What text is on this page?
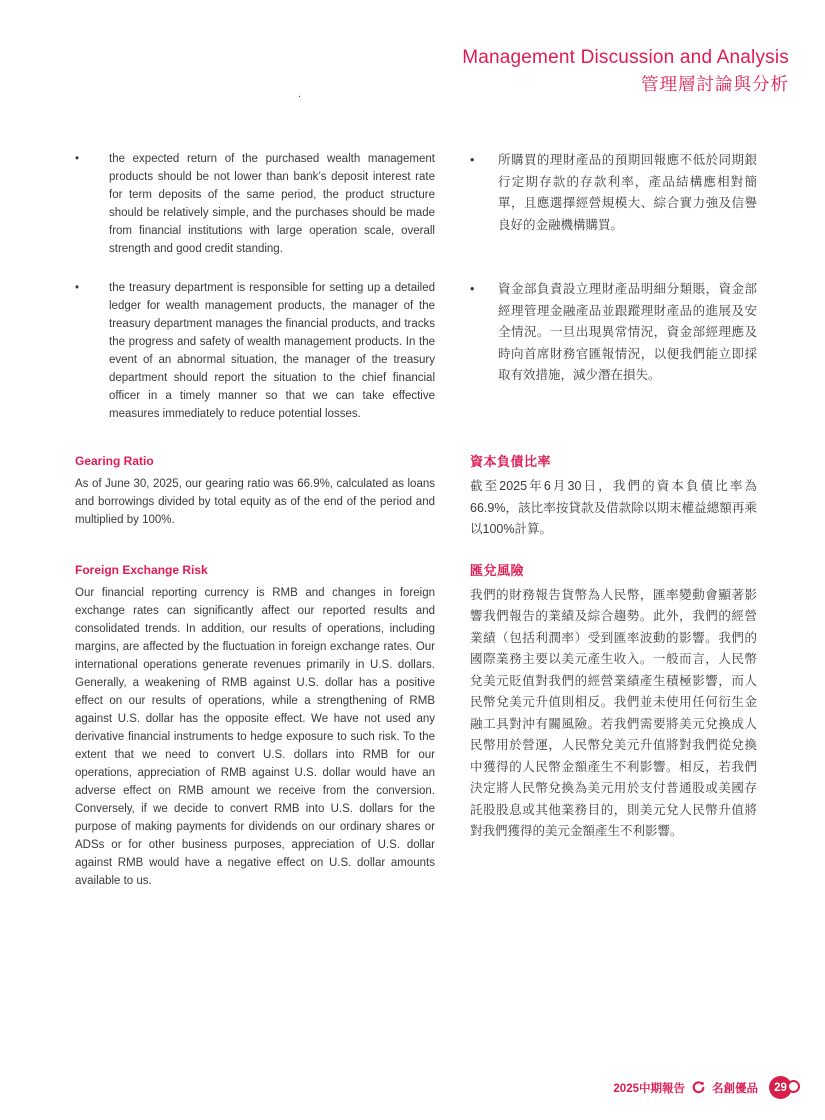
Management Discussion and Analysis
管理層討論與分析
.
•	the expected return of the purchased wealth management products should be not lower than bank’s deposit interest rate for term deposits of the same period, the product structure should be relatively simple, and the purchases should be made from financial institutions with large operation scale, overall strength and good credit standing.

•	所購買的理財產品的預期回報應不低於同期銀行定期存款的存款利率，產品結構應相對簡單，且應選擇經營規模大、綜合實力強及信譽良好的金融機構購買。

•	the treasury department is responsible for setting up a detailed ledger for wealth management products, the manager of the treasury department manages the financial products, and tracks the progress and safety of wealth management products. In the event of an abnormal situation, the manager of the treasury department should report the situation to the chief financial officer in a timely manner so that we can take effective measures immediately to reduce potential losses.

•	資金部負責設立理財產品明細分類賬，資金部經理管理金融產品並跟蹤理財產品的進展及安全情況。一旦出現異常情況，資金部經理應及時向首席財務官匯報情況，以便我們能立即採取有效措施，減少潛在損失。

Gearing Ratio

As of June 30, 2025, our gearing ratio was 66.9%, calculated as loans and borrowings divided by total equity as of the end of the period and multiplied by 100%.

資本負債比率

截至2025年6月30日，我們的資本負債比率為66.9%，該比率按貸款及借款除以期末權益總額再乘以100%計算。

Foreign Exchange Risk

Our financial reporting currency is RMB and changes in foreign exchange rates can significantly affect our reported results and consolidated trends. In addition, our results of operations, including margins, are affected by the fluctuation in foreign exchange rates. Our international operations generate revenues primarily in U.S. dollars. Generally, a weakening of RMB against U.S. dollar has a positive effect on our results of operations, while a strengthening of RMB against U.S. dollar has the opposite effect. We have not used any derivative financial instruments to hedge exposure to such risk. To the extent that we need to convert U.S. dollars into RMB for our operations, appreciation of RMB against U.S. dollar would have an adverse effect on RMB amount we receive from the conversion. Conversely, if we decide to convert RMB into U.S. dollars for the purpose of making payments for dividends on our ordinary shares or ADSs or for other business purposes, appreciation of U.S. dollar against RMB would have a negative effect on U.S. dollar amounts available to us.

匯兌風險

我們的財務報告貨幣為人民幣，匯率變動會顯著影響我們報告的業績及綜合趨勢。此外，我們的經營業績（包括利潤率）受到匯率波動的影響。我們的國際業務主要以美元產生收入。一般而言，人民幣兌美元貶值對我們的經營業績產生積極影響，而人民幣兌美元升值則相反。我們並未使用任何衍生金融工具對沖有關風險。若我們需要將美元兌換成人民幣用於營運，人民幣兌美元升值將對我們從兌換中獲得的人民幣金額產生不利影響。相反，若我們決定將人民幣兌換為美元用於支付普通股或美國存託股股息或其他業務目的，則美元兌人民幣升值將對我們獲得的美元金額產生不利影響。

2025中期報告 名創優品 29
